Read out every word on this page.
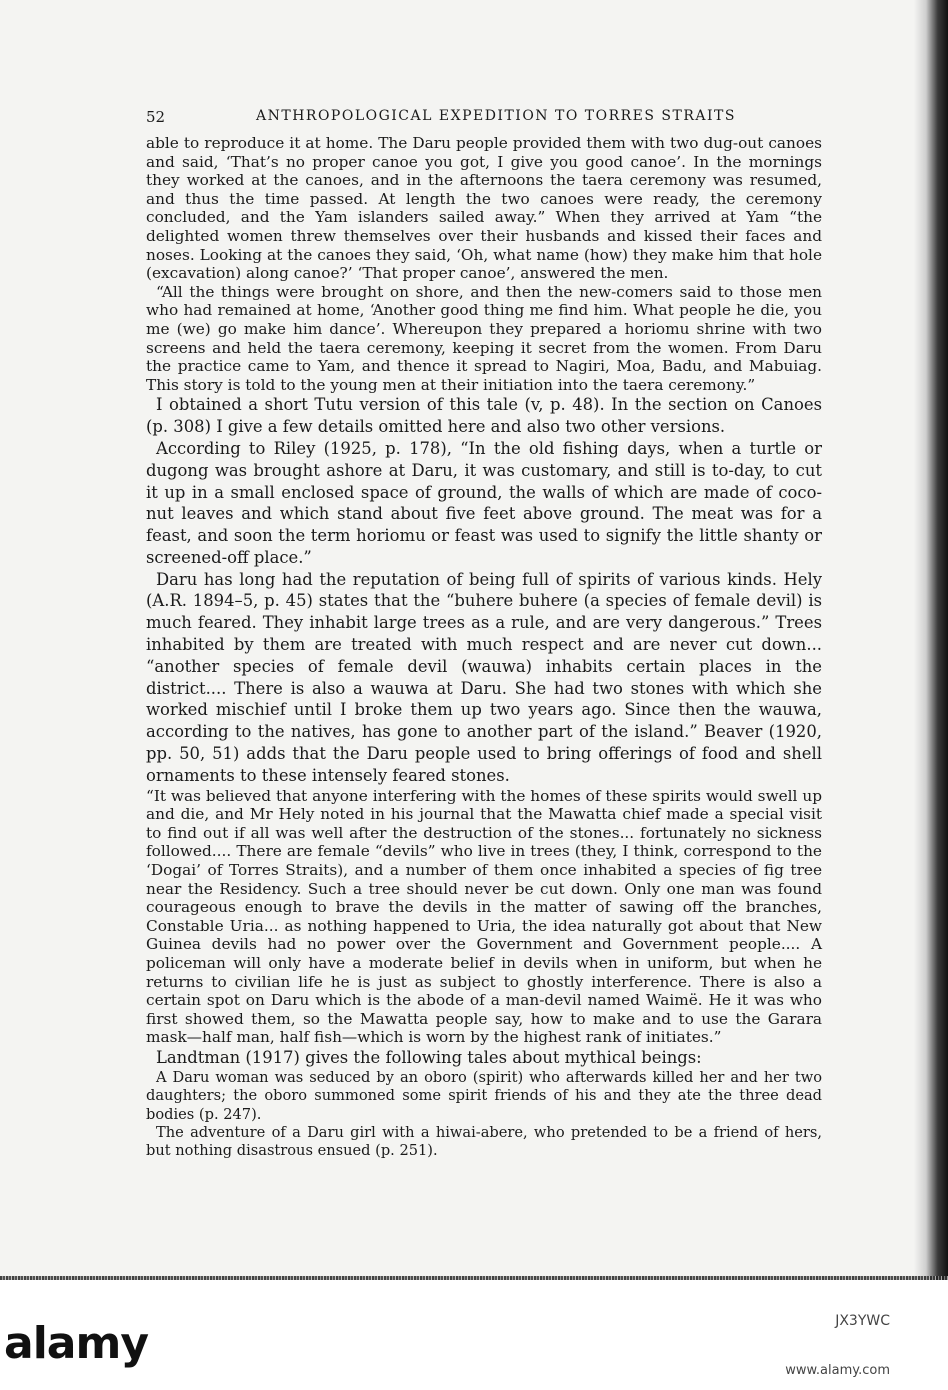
52	ANTHROPOLOGICAL EXPEDITION TO TORRES STRAITS

able to reproduce it at home. The Daru people provided them with two dug-out canoes and said, ‘That’s no proper canoe you got, I give you good canoe’. In the mornings they worked at the canoes, and in the afternoons the taera ceremony was resumed, and thus the time passed. At length the two canoes were ready, the ceremony concluded, and the Yam islanders sailed away.” When they arrived at Yam “the delighted women threw themselves over their husbands and kissed their faces and noses. Looking at the canoes they said, ‘Oh, what name (how) they make him that hole (excavation) along canoe?’ ‘That proper canoe’, answered the men.

“All the things were brought on shore, and then the new-comers said to those men who had remained at home, ‘Another good thing me find him. What people he die, you me (we) go make him dance’. Whereupon they prepared a horiomu shrine with two screens and held the taera ceremony, keeping it secret from the women. From Daru the practice came to Yam, and thence it spread to Nagiri, Moa, Badu, and Mabuiag. This story is told to the young men at their initiation into the taera ceremony.”

I obtained a short Tutu version of this tale (v, p. 48). In the section on Canoes (p. 308) I give a few details omitted here and also two other versions.

According to Riley (1925, p. 178), “In the old fishing days, when a turtle or dugong was brought ashore at Daru, it was customary, and still is to-day, to cut it up in a small enclosed space of ground, the walls of which are made of coco-nut leaves and which stand about five feet above ground. The meat was for a feast, and soon the term horiomu or feast was used to signify the little shanty or screened-off place.”

Daru has long had the reputation of being full of spirits of various kinds. Hely (A.R. 1894–5, p. 45) states that the “buhere buhere (a species of female devil) is much feared. They inhabit large trees as a rule, and are very dangerous.” Trees inhabited by them are treated with much respect and are never cut down... “another species of female devil (wauwa) inhabits certain places in the district.... There is also a wauwa at Daru. She had two stones with which she worked mischief until I broke them up two years ago. Since then the wauwa, according to the natives, has gone to another part of the island.” Beaver (1920, pp. 50, 51) adds that the Daru people used to bring offerings of food and shell ornaments to these intensely feared stones.

“It was believed that anyone interfering with the homes of these spirits would swell up and die, and Mr Hely noted in his journal that the Mawatta chief made a special visit to find out if all was well after the destruction of the stones... fortunately no sickness followed.... There are female “devils” who live in trees (they, I think, correspond to the ‘Dogai’ of Torres Straits), and a number of them once inhabited a species of fig tree near the Residency. Such a tree should never be cut down. Only one man was found courageous enough to brave the devils in the matter of sawing off the branches, Constable Uria... as nothing happened to Uria, the idea naturally got about that New Guinea devils had no power over the Government and Government people.... A policeman will only have a moderate belief in devils when in uniform, but when he returns to civilian life he is just as subject to ghostly interference. There is also a certain spot on Daru which is the abode of a man-devil named Waimë. He it was who first showed them, so the Mawatta people say, how to make and to use the Garara mask—half man, half fish—which is worn by the highest rank of initiates.”

Landtman (1917) gives the following tales about mythical beings:

A Daru woman was seduced by an oboro (spirit) who afterwards killed her and her two daughters; the oboro summoned some spirit friends of his and they ate the three dead bodies (p. 247).

The adventure of a Daru girl with a hiwai-abere, who pretended to be a friend of hers, but nothing disastrous ensued (p. 251).

alamy	JX3YWC
www.alamy.com
